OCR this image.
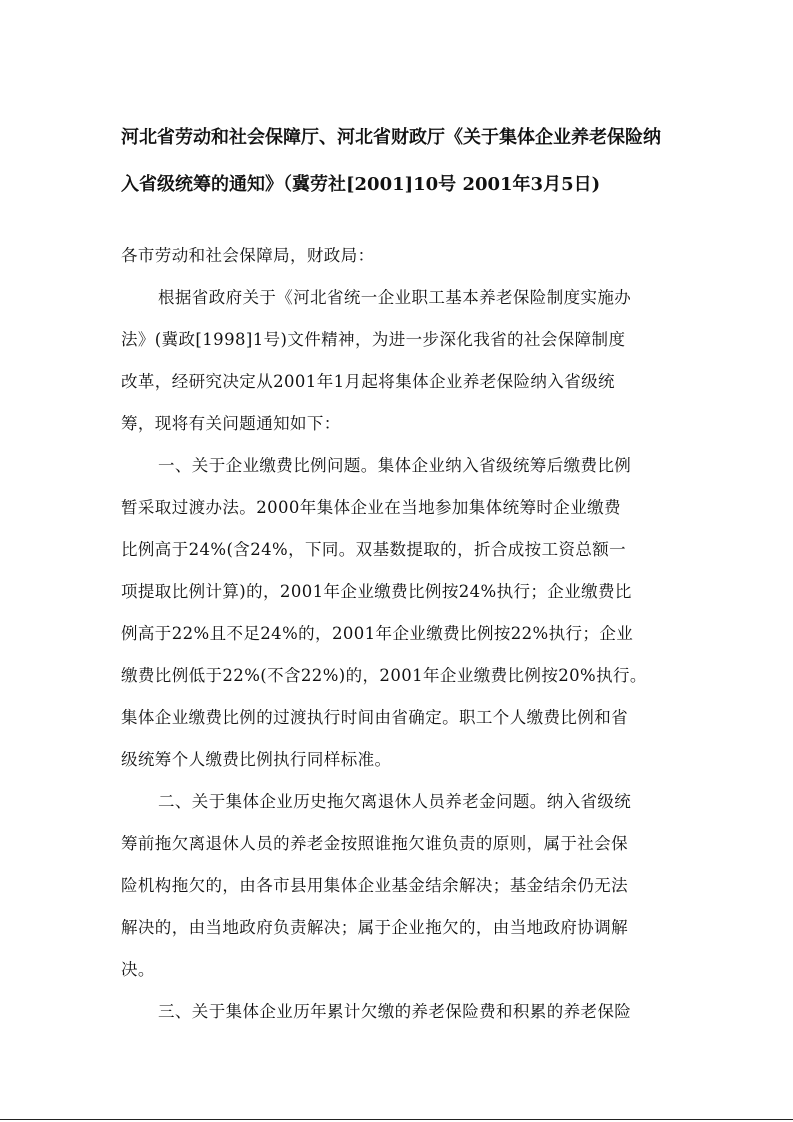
河北省劳动和社会保障厅、河北省财政厅《关于集体企业养老保险纳
入省级统筹的通知》（冀劳社[2001]10号 2001年3月5日)
各市劳动和社会保障局，财政局：
根据省政府关于《河北省统一企业职工基本养老保险制度实施办
法》(冀政[1998]1号)文件精神，为进一步深化我省的社会保障制度
改革，经研究决定从2001年1月起将集体企业养老保险纳入省级统
筹，现将有关问题通知如下：
一、关于企业缴费比例问题。集体企业纳入省级统筹后缴费比例
暂采取过渡办法。2000年集体企业在当地参加集体统筹时企业缴费
比例高于24%(含24%，下同。双基数提取的，折合成按工资总额一
项提取比例计算)的，2001年企业缴费比例按24%执行；企业缴费比
例高于22%且不足24%的，2001年企业缴费比例按22%执行；企业
缴费比例低于22%(不含22%)的，2001年企业缴费比例按20%执行。
集体企业缴费比例的过渡执行时间由省确定。职工个人缴费比例和省
级统筹个人缴费比例执行同样标准。
二、关于集体企业历史拖欠离退休人员养老金问题。纳入省级统
筹前拖欠离退休人员的养老金按照谁拖欠谁负责的原则，属于社会保
险机构拖欠的，由各市县用集体企业基金结余解决；基金结余仍无法
解决的，由当地政府负责解决；属于企业拖欠的，由当地政府协调解
决。
三、关于集体企业历年累计欠缴的养老保险费和积累的养老保险
